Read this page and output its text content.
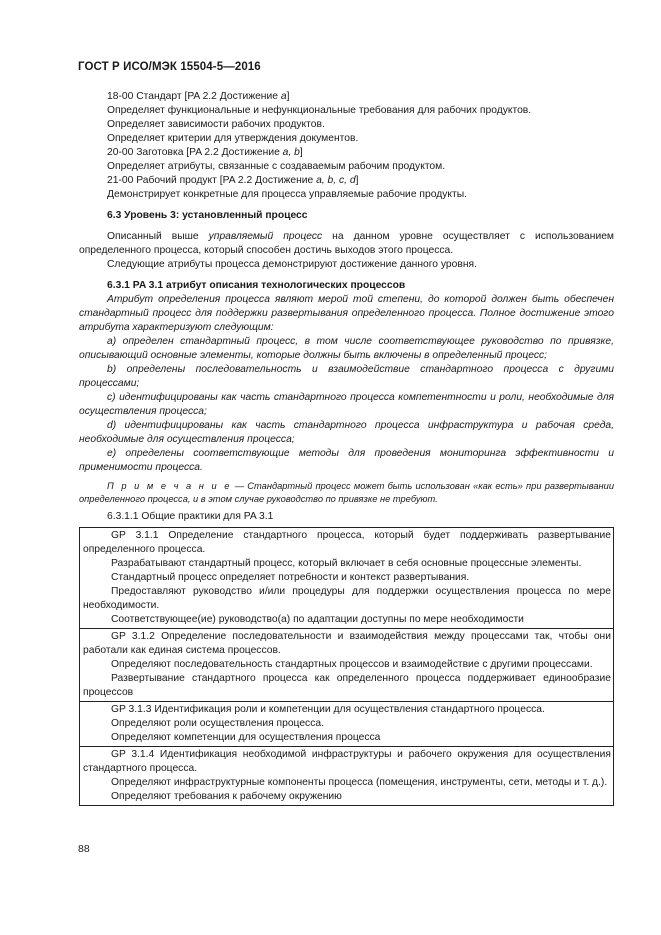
ГОСТ Р ИСО/МЭК 15504-5—2016

18-00 Стандарт [PA 2.2 Достижение a]

Определяет функциональные и нефункциональные требования для рабочих продуктов.

Определяет зависимости рабочих продуктов.

Определяет критерии для утверждения документов.

20-00 Заготовка [PA 2.2 Достижение a, b]

Определяет атрибуты, связанные с создаваемым рабочим продуктом.

21-00 Рабочий продукт [PA 2.2 Достижение a, b, c, d]

Демонстрирует конкретные для процесса управляемые рабочие продукты.

6.3 Уровень 3: установленный процесс

Описанный выше управляемый процесс на данном уровне осуществляет с использованием определенного процесса, который способен достичь выходов этого процесса.

Следующие атрибуты процесса демонстрируют достижение данного уровня.

6.3.1 PA 3.1 атрибут описания технологических процессов

Атрибут определения процесса являют мерой той степени, до которой должен быть обеспечен стандартный процесс для поддержки развертывания определенного процесса. Полное достижение этого атрибута характеризуют следующим:

a) определен стандартный процесс, в том числе соответствующее руководство по привязке, описывающий основные элементы, которые должны быть включены в определенный процесс;

b) определены последовательность и взаимодействие стандартного процесса с другими процессами;

c) идентифицированы как часть стандартного процесса компетентности и роли, необходимые для осуществления процесса;

d) идентифицированы как часть стандартного процесса инфраструктура и рабочая среда, необходимые для осуществления процесса;

e) определены соответствующие методы для проведения мониторинга эффективности и применимости процесса.

П р и м е ч а н и е — Стандартный процесс может быть использован «как есть» при развертывании определенного процесса, и в этом случае руководство по привязке не требуют.

6.3.1.1 Общие практики для PA 3.1

GP 3.1.1 Определение стандартного процесса, который будет поддерживать развертывание определенного процесса.

Разрабатывают стандартный процесс, который включает в себя основные процессные элементы.

Стандартный процесс определяет потребности и контекст развертывания.

Предоставляют руководство и/или процедуры для поддержки осуществления процесса по мере необходимости.

Соответствующее(ие) руководство(а) по адаптации доступны по мере необходимости

GP 3.1.2 Определение последовательности и взаимодействия между процессами так, чтобы они работали как единая система процессов.

Определяют последовательность стандартных процессов и взаимодействие с другими процессами.

Развертывание стандартного процесса как определенного процесса поддерживает единообразие процессов

GP 3.1.3 Идентификация роли и компетенции для осуществления стандартного процесса.

Определяют роли осуществления процесса.

Определяют компетенции для осуществления процесса

GP 3.1.4 Идентификация необходимой инфраструктуры и рабочего окружения для осуществления стандартного процесса.

Определяют инфраструктурные компоненты процесса (помещения, инструменты, сети, методы и т. д.).

Определяют требования к рабочему окружению

88
